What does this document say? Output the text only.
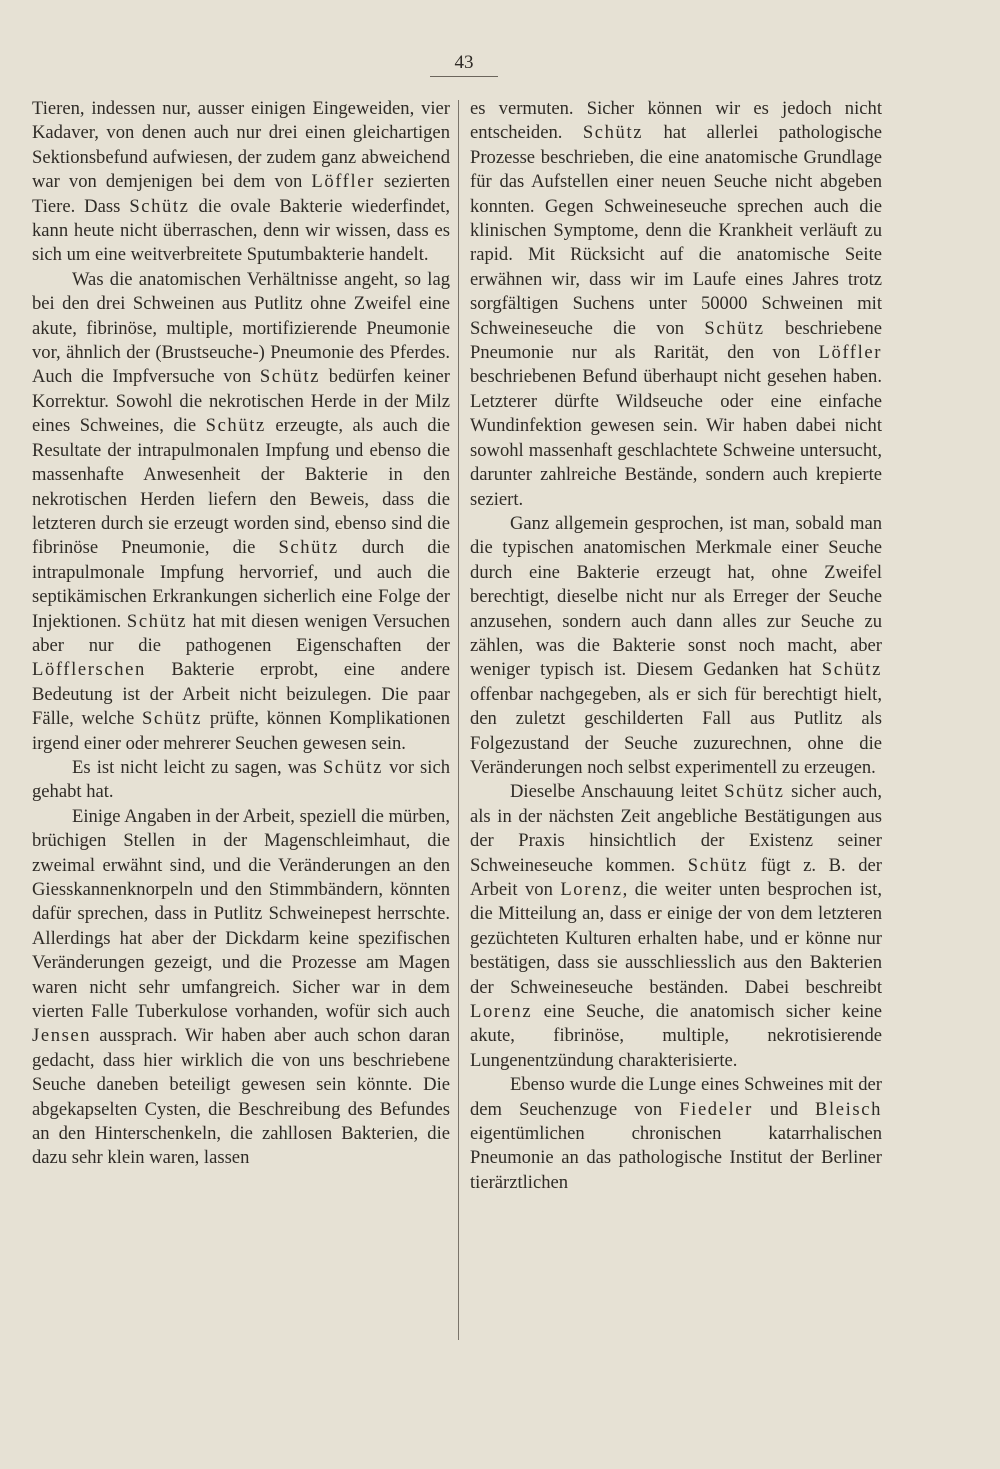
43

Tieren, indessen nur, ausser einigen Eingeweiden, vier Kadaver, von denen auch nur drei einen gleichartigen Sektionsbefund aufwiesen, der zudem ganz abweichend war von demjenigen bei dem von Löffler sezierten Tiere. Dass Schütz die ovale Bakterie wiederfindet, kann heute nicht überraschen, denn wir wissen, dass es sich um eine weitverbreitete Sputumbakterie handelt.

Was die anatomischen Verhältnisse angeht, so lag bei den drei Schweinen aus Putlitz ohne Zweifel eine akute, fibrinöse, multiple, mortifizierende Pneumonie vor, ähnlich der (Brustseuche-) Pneumonie des Pferdes. Auch die Impfversuche von Schütz bedürfen keiner Korrektur. Sowohl die nekrotischen Herde in der Milz eines Schweines, die Schütz erzeugte, als auch die Resultate der intrapulmonalen Impfung und ebenso die massenhafte Anwesenheit der Bakterie in den nekrotischen Herden liefern den Beweis, dass die letzteren durch sie erzeugt worden sind, ebenso sind die fibrinöse Pneumonie, die Schütz durch die intrapulmonale Impfung hervorrief, und auch die septikämischen Erkrankungen sicherlich eine Folge der Injektionen. Schütz hat mit diesen wenigen Versuchen aber nur die pathogenen Eigenschaften der Löfflerschen Bakterie erprobt, eine andere Bedeutung ist der Arbeit nicht beizulegen. Die paar Fälle, welche Schütz prüfte, können Komplikationen irgend einer oder mehrerer Seuchen gewesen sein.

Es ist nicht leicht zu sagen, was Schütz vor sich gehabt hat.

Einige Angaben in der Arbeit, speziell die mürben, brüchigen Stellen in der Magenschleimhaut, die zweimal erwähnt sind, und die Veränderungen an den Giesskannenknorpeln und den Stimmbändern, könnten dafür sprechen, dass in Putlitz Schweinepest herrschte. Allerdings hat aber der Dickdarm keine spezifischen Veränderungen gezeigt, und die Prozesse am Magen waren nicht sehr umfangreich. Sicher war in dem vierten Falle Tuberkulose vorhanden, wofür sich auch Jensen aussprach. Wir haben aber auch schon daran gedacht, dass hier wirklich die von uns beschriebene Seuche daneben beteiligt gewesen sein könnte. Die abgekapselten Cysten, die Beschreibung des Befundes an den Hinterschenkeln, die zahllosen Bakterien, die dazu sehr klein waren, lassen

es vermuten. Sicher können wir es jedoch nicht entscheiden. Schütz hat allerlei pathologische Prozesse beschrieben, die eine anatomische Grundlage für das Aufstellen einer neuen Seuche nicht abgeben konnten. Gegen Schweineseuche sprechen auch die klinischen Symptome, denn die Krankheit verläuft zu rapid. Mit Rücksicht auf die anatomische Seite erwähnen wir, dass wir im Laufe eines Jahres trotz sorgfältigen Suchens unter 50000 Schweinen mit Schweineseuche die von Schütz beschriebene Pneumonie nur als Rarität, den von Löffler beschriebenen Befund überhaupt nicht gesehen haben. Letzterer dürfte Wildseuche oder eine einfache Wundinfektion gewesen sein. Wir haben dabei nicht sowohl massenhaft geschlachtete Schweine untersucht, darunter zahlreiche Bestände, sondern auch krepierte seziert.

Ganz allgemein gesprochen, ist man, sobald man die typischen anatomischen Merkmale einer Seuche durch eine Bakterie erzeugt hat, ohne Zweifel berechtigt, dieselbe nicht nur als Erreger der Seuche anzusehen, sondern auch dann alles zur Seuche zu zählen, was die Bakterie sonst noch macht, aber weniger typisch ist. Diesem Gedanken hat Schütz offenbar nachgegeben, als er sich für berechtigt hielt, den zuletzt geschilderten Fall aus Putlitz als Folgezustand der Seuche zuzurechnen, ohne die Veränderungen noch selbst experimentell zu erzeugen.

Dieselbe Anschauung leitet Schütz sicher auch, als in der nächsten Zeit angebliche Bestätigungen aus der Praxis hinsichtlich der Existenz seiner Schweineseuche kommen. Schütz fügt z. B. der Arbeit von Lorenz, die weiter unten besprochen ist, die Mitteilung an, dass er einige der von dem letzteren gezüchteten Kulturen erhalten habe, und er könne nur bestätigen, dass sie ausschliesslich aus den Bakterien der Schweineseuche beständen. Dabei beschreibt Lorenz eine Seuche, die anatomisch sicher keine akute, fibrinöse, multiple, nekrotisierende Lungenentzündung charakterisierte.

Ebenso wurde die Lunge eines Schweines mit der dem Seuchenzuge von Fiedeler und Bleisch eigentümlichen chronischen katarrhalischen Pneumonie an das pathologische Institut der Berliner tierärztlichen
